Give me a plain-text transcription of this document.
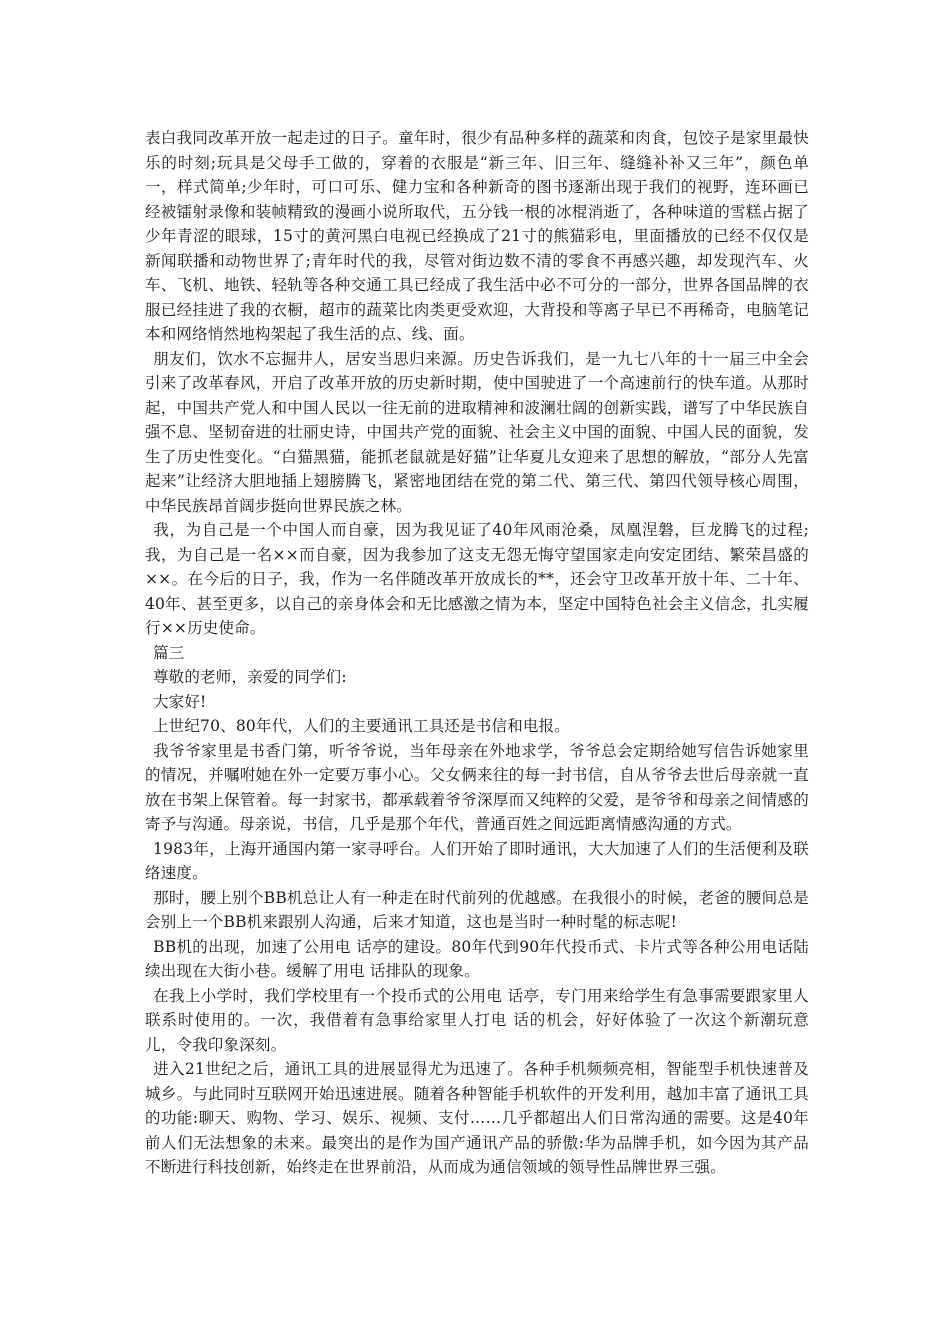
表白我同改革开放一起走过的日子。童年时，很少有品种多样的蔬菜和肉食，包饺子是家里最快乐的时刻;玩具是父母手工做的，穿着的衣服是“新三年、旧三年、缝缝补补又三年”，颜色单一，样式简单;少年时，可口可乐、健力宝和各种新奇的图书逐渐出现于我们的视野，连环画已经被镭射录像和装帧精致的漫画小说所取代，五分钱一根的冰棍消逝了，各种味道的雪糕占据了少年青涩的眼球，15寸的黄河黑白电视已经换成了21寸的熊猫彩电，里面播放的已经不仅仅是新闻联播和动物世界了;青年时代的我，尽管对街边数不清的零食不再感兴趣，却发现汽车、火车、飞机、地铁、轻轨等各种交通工具已经成了我生活中必不可分的一部分，世界各国品牌的衣服已经挂进了我的衣橱，超市的蔬菜比肉类更受欢迎，大背投和等离子早已不再稀奇，电脑笔记本和网络悄然地构架起了我生活的点、线、面。

　朋友们，饮水不忘掘井人，居安当思归来源。历史告诉我们，是一九七八年的十一届三中全会引来了改革春风，开启了改革开放的历史新时期，使中国驶进了一个高速前行的快车道。从那时起，中国共产党人和中国人民以一往无前的进取精神和波澜壮阔的创新实践，谱写了中华民族自强不息、坚韧奋进的壮丽史诗，中国共产党的面貌、社会主义中国的面貌、中国人民的面貌，发生了历史性变化。“白猫黑猫，能抓老鼠就是好猫”让华夏儿女迎来了思想的解放，“部分人先富起来”让经济大胆地插上翅膀腾飞，紧密地团结在党的第二代、第三代、第四代领导核心周围，中华民族昂首阔步挺向世界民族之林。

　我，为自己是一个中国人而自豪，因为我见证了40年风雨沧桑，凤凰涅磐，巨龙腾飞的过程;我，为自己是一名××而自豪，因为我参加了这支无怨无悔守望国家走向安定团结、繁荣昌盛的××。在今后的日子，我，作为一名伴随改革开放成长的**，还会守卫改革开放十年、二十年、40年、甚至更多，以自己的亲身体会和无比感激之情为本，坚定中国特色社会主义信念，扎实履行××历史使命。

　篇三

　尊敬的老师，亲爱的同学们:

　大家好!

　上世纪70、80年代，人们的主要通讯工具还是书信和电报。

　我爷爷家里是书香门第，听爷爷说，当年母亲在外地求学，爷爷总会定期给她写信告诉她家里的情况，并嘱咐她在外一定要万事小心。父女俩来往的每一封书信，自从爷爷去世后母亲就一直放在书架上保管着。每一封家书，都承载着爷爷深厚而又纯粹的父爱，是爷爷和母亲之间情感的寄予与沟通。母亲说，书信，几乎是那个年代，普通百姓之间远距离情感沟通的方式。

　1983年，上海开通国内第一家寻呼台。人们开始了即时通讯，大大加速了人们的生活便利及联络速度。

　那时，腰上别个BB机总让人有一种走在时代前列的优越感。在我很小的时候，老爸的腰间总是会别上一个BB机来跟别人沟通，后来才知道，这也是当时一种时髦的标志呢!

　BB机的出现，加速了公用电 话亭的建设。80年代到90年代投币式、卡片式等各种公用电话陆续出现在大街小巷。缓解了用电 话排队的现象。

　在我上小学时，我们学校里有一个投币式的公用电 话亭，专门用来给学生有急事需要跟家里人联系时使用的。一次，我借着有急事给家里人打电 话的机会，好好体验了一次这个新潮玩意儿，令我印象深刻。

　进入21世纪之后，通讯工具的进展显得尤为迅速了。各种手机频频亮相，智能型手机快速普及城乡。与此同时互联网开始迅速进展。随着各种智能手机软件的开发利用，越加丰富了通讯工具的功能:聊天、购物、学习、娱乐、视频、支付……几乎都超出人们日常沟通的需要。这是40年前人们无法想象的未来。最突出的是作为国产通讯产品的骄傲:华为品牌手机，如今因为其产品不断进行科技创新，始终走在世界前沿，从而成为通信领域的领导性品牌世界三强。
